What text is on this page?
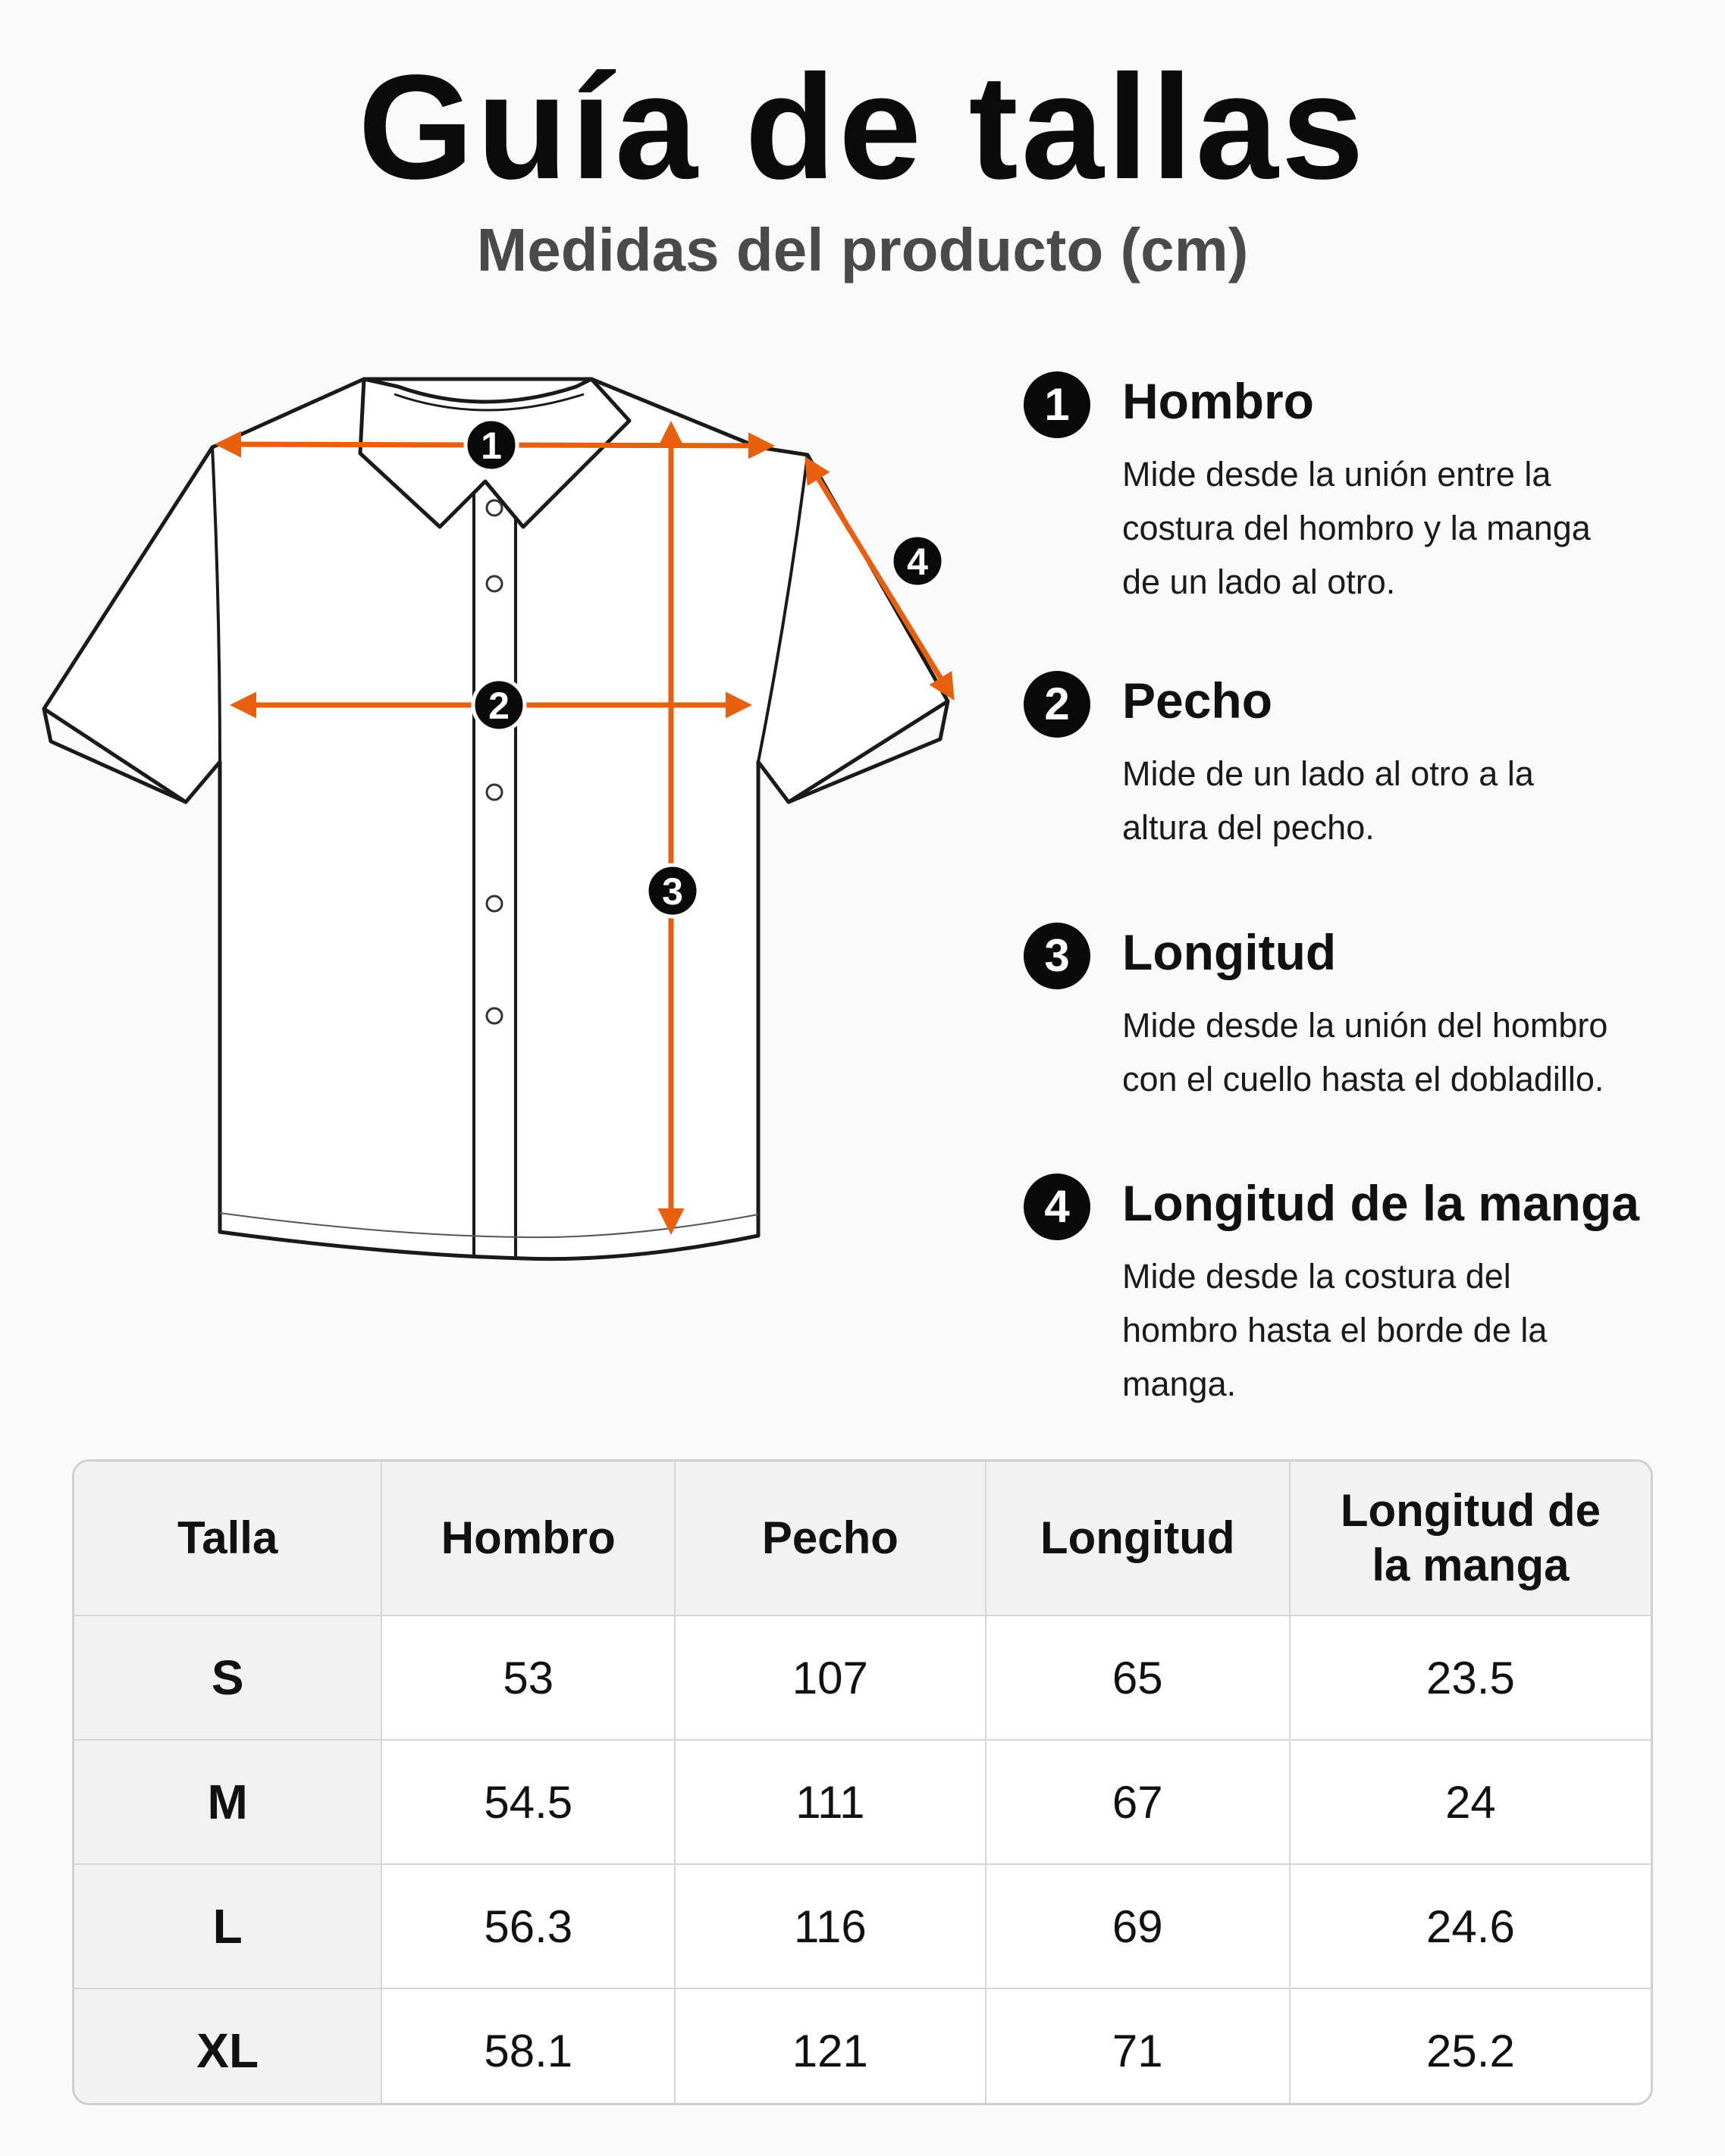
Guía de tallas
Medidas del producto (cm)
1
2
3
4
1	Hombro
Mide desde la unión entre la
costura del hombro y la manga
de un lado al otro.
2	Pecho
Mide de un lado al otro a la
altura del pecho.
3	Longitud
Mide desde la unión del hombro
con el cuello hasta el dobladillo.
4	Longitud de la manga
Mide desde la costura del
hombro hasta el borde de la
manga.
Talla	Hombro	Pecho	Longitud	Longitud de
la manga

S	53	107	65	23.5
M	54.5	111	67	24
L	56.3	116	69	24.6
XL	58.1	121	71	25.2
